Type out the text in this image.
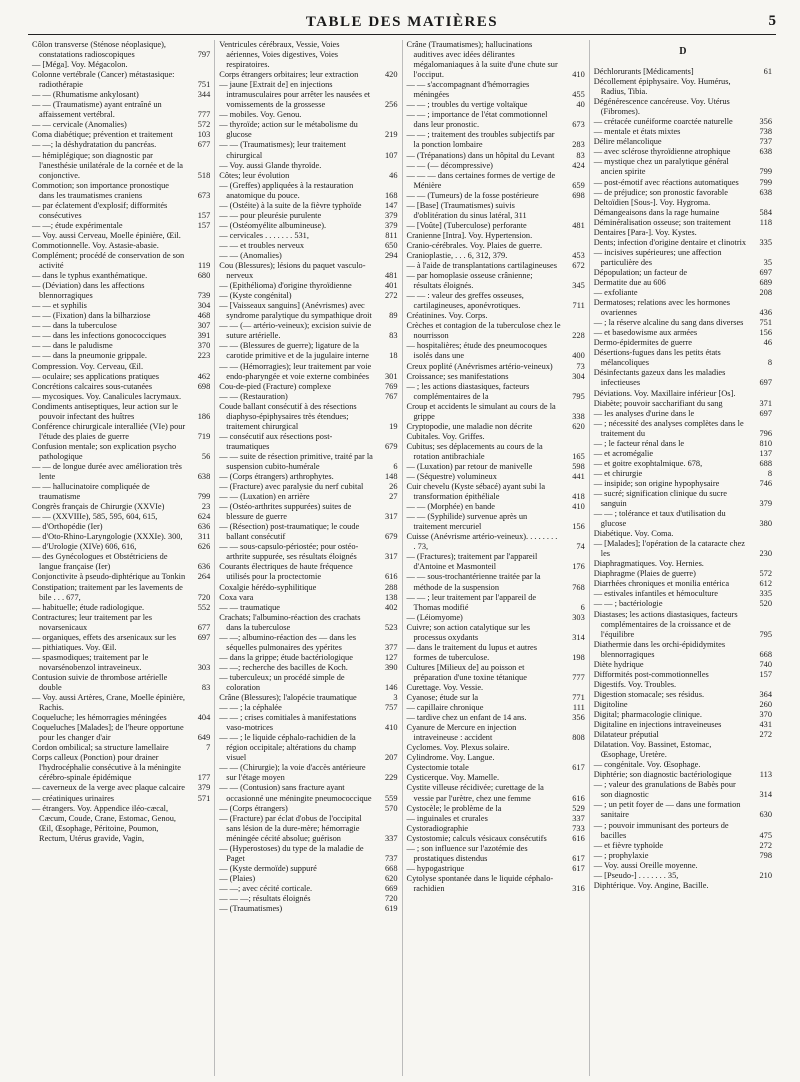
TABLE DES MATIÈRES	5
Côlon transverse (Sténose néoplasique), constatations radioscopiques	797
— [Méga]. Voy. Mégacolon.
Colonne vertébrale (Cancer) métastasique: radiothérapie	751
— — (Rhumatisme ankylosant)	344
— — (Traumatisme) ayant entraîné un affaissement vertébral.	777
— — cervicale (Anomalies)	572
Coma diabétique; prévention et traitement	103
— —; la déshydratation du pancréas.	677
— hémiplégique; son diagnostic par l'anesthésie unilatérale de la cornée et de la conjonctive.	518
Commotion; son importance pronostique dans les traumatismes craniens	673
— par éclatement d'explosif; difformités consécutives	157
— —; étude expérimentale	157
— Voy. aussi Cerveau, Moelle épinière, Œil.
Commotionnelle. Voy. Astasie-abasie.
Complément; procédé de conservation de son activité	119
— dans le typhus exanthématique.	680
— (Déviation) dans les affections blennorragiques	739
— — et syphilis	304
— — (Fixation) dans la bilharziose	468
— — dans la tuberculose	307
— — dans les infections gonococciques	391
— — dans le paludisme	370
— — dans la pneumonie grippale.	223
Compression. Voy. Cerveau, Œil.
— oculaire; ses applications pratiques	462
Concrétions calcaires sous-cutanées	698
— mycosiques. Voy. Canalicules lacrymaux.
Condiments antiseptiques, leur action sur le pouvoir infectant des huîtres	186
Conférence chirurgicale interalliée (VIe) pour l'étude des plaies de guerre	719
Confusion mentale; son explication psycho pathologique	56
— — de longue durée avec amélioration très lente	638
— — hallucinatoire compliquée de traumatisme	799
Congrès français de Chirurgie (XXVIe)	23
— — (XXVIIIe), 585, 595, 604, 615,	624
— d'Orthopédie (Ier)	636
— d'Oto-Rhino-Laryngologie (XXXIe). 300, 311
— d'Urologie (XIVe) 606, 616,	626
— des Gynécologues et Obstétriciens de langue française (Ier)	636
Conjonctivite à pseudo-diphtérique au Tonkin 264
Constipation; traitement par les lavements de bile . . . 677,	720
— habituelle; étude radiologique.	552
Contractures; leur traitement par les novarsenicaux	677
— organiques, effets des arsenicaux sur les	697
— pithiatiques. Voy. Œil.
— spasmodiques; traitement par le novarsénobenzol intraveineux.	303
Contusion suivie de thrombose artérielle double	83
— Voy. aussi Artères, Crane, Moelle épinière, Rachis.
Coqueluche; les hémorragies méningées	404
Coqueluches [Malades]; de l'heure opportune pour les changer d'air	649
Cordon ombilical; sa structure lamellaire	7
Corps calleux (Ponction) pour drainer l'hydrocéphalie consécutive à la méningite cérébro-spinale épidémique	177
— caverneux de la verge avec plaque calcaire 379
— créatiniques urinaires	571
— étrangers. Voy. Appendice iléo-cæcal, Cæcum, Coude, Crane, Estomac, Genou, Œil, Œsophage, Péritoine, Poumon, Rectum, Utérus gravide, Vagin,
Ventricules cérébraux, Vessie, Voies aériennes, Voies digestives, Voies respiratoires.
Corps étrangers orbitaires; leur extraction	420
— jaune [Extrait de] en injections intramusculaires pour arrêter les nausées et vomissements de la grossesse	256
— mobiles. Voy. Genou.
— thyroïde; action sur le métabolisme du glucose	219
— — (Traumatismes); leur traitement chirurgical	107
— Voy. aussi Glande thyroïde.
Côtes; leur évolution	46
— (Greffes) appliquées à la restauration anatomique du pouce.	168
— (Ostéite) à la suite de la fièvre typhoïde	147
— — pour pleurésie purulente	379
— (Ostéomyélite albumineuse).	379
— cervicales . . . . . . . 531,	811
— — et troubles nerveux	650
— — (Anomalies)	294
Cou (Blessures); lésions du paquet vasculo-nerveux	481
— (Epithélioma) d'origine thyroïdienne	401
— (Kyste congénital)	272
— [Vaisseaux sanguins] (Anévrismes) avec syndrome paralytique du sympathique droit 89
— — (— artério-veineux); excision suivie de suture artérielle.	83
— — (Blessures de guerre); ligature de la carotide primitive et de la jugulaire interne 18
— — (Hémorragies); leur traitement par voie endo-pharyngée et voie externe combinées 301
Cou-de-pied (Fracture) complexe	769
— — (Restauration)	767
Coude ballant consécutif à des résections diaphyso-épiphysaires très étendues; traitement chirurgical	19
— consécutif aux résections post-traumatiques	679
— — suite de résection primitive, traité par la suspension cubito-humérale	6
— (Corps étrangers) arthrophytes.	148
— (Fracture) avec paralysie du nerf cubital	26
— — (Luxation) en arrière	27
— (Ostéo-arthrites suppurées) suites de blessure de guerre	317
— (Résection) post-traumatique; le coude ballant consécutif	679
— — sous-capsulo-périostée; pour ostéo-arthrite suppurée, ses résultats éloignés	317
Courants électriques de haute fréquence utilisés pour la proctectomie	616
Coxalgie hérédo-syphilitique	288
Coxa vara	138
— — traumatique	402
Crachats; l'albumino-réaction des crachats dans la tuberculose	523
— —; albumino-réaction des — dans les séquelles pulmonaires des ypérites	377
— dans la grippe; étude bactériologique	127
— —; recherche des bacilles de Koch.	390
— tuberculeux; un procédé simple de coloration	146
Crâne (Blessures); l'alopécie traumatique	3
— — ; la céphalée	757
— — ; crises comitiales à manifestations vaso-motrices	410
— — ; le liquide céphalo-rachidien de la région occipitale; altérations du champ visuel	207
— — (Chirurgie); la voie d'accès antérieure sur l'étage moyen	229
— — (Contusion) sans fracture ayant occasionné une méningite pneumococcique 559
— (Corps étrangers)	570
— (Fracture) par éclat d'obus de l'occipital sans lésion de la dure-mère; hémorragie méningée cécité absolue; guérison	337
— (Hyperostoses) du type de la maladie de Paget	737
— (Kyste dermoïde) suppuré	668
— (Plaies)	620
— —; avec cécité corticale.	669
— — —; résultats éloignés	720
— (Traumatismes)	619
Crâne (Traumatismes); hallucinations auditives avec idées délirantes mégalomaniaques à la suite d'une chute sur l'occiput.	410
— — s'accompagnant d'hémorragies méningées	455
— — ; troubles du vertige voltaïque	40
— — ; importance de l'état commotionnel dans leur pronostic.	673
— — ; traitement des troubles subjectifs par la ponction lombaire	283
— (Trépanations) dans un hôpital du Levant	83
— — (— décompressive)	424
— — — dans certaines formes de vertige de Ménière	659
— — (Tumeurs) de la fosse postérieure	698
— [Base] (Traumatismes) suivis d'oblitération du sinus latéral, 311
— [Voûte] (Tuberculose) perforante	481
Cranienne [Intra]. Voy. Hypertension.
Cranio-cérébrales. Voy. Plaies de guerre.
Cranioplastie, . . . 6, 312, 379.	453
— à l'aide de transplantations cartilagineuses 672
— par homoplasie osseuse crânienne; résultats éloignés.	345
— — : valeur des greffes osseuses, cartilagineuses, aponévrotiques.	711
Créatinines. Voy. Corps.
Crèches et contagion de la tuberculose chez le nourrisson	228
— hospitalières; étude des pneumocoques isolés dans une	400
Creux poplité (Anévrismes artério-veineux)	73
Croissance; ses manifestations	304
— ; les actions diastasiques, facteurs complémentaires de la	795
Croup et accidents le simulant au cours de la grippe	338
Cryptopodie, une maladie non décrite	620
Cubitales. Voy. Griffes.
Cubitus; ses déplacements au cours de la rotation antibrachiale	165
— (Luxation) par retour de manivelle	598
— (Séquestre) volumineux	441
Cuir chevelu (Kyste sébacé) ayant subi la transformation épithéliale	418
— — (Morphée) en bande	410
— — (Syphilide) survenue après un traitement mercuriel	156
Cuisse (Anévrisme artério-veineux). . . . . . . . . 73,	74
— (Fractures); traitement par l'appareil d'Antoine et Masmonteil	176
— — sous-trochantérienne traitée par la méthode de la suspension	768
— — ; leur traitement par l'appareil de Thomas modifié	6
— (Léiomyome)	303
Cuivre; son action catalytique sur les processus oxydants	314
— dans le traitement du lupus et autres formes de tuberculose.	198
Cultures [Milieux de] au poisson et préparation d'une toxine tétanique	777
Curettage. Voy. Vessie.
Cyanose; étude sur la	771
— capillaire chronique	111
— tardive chez un enfant de 14 ans.	356
Cyanure de Mercure en injection intraveineuse : accident	808
Cyclomes. Voy. Plexus solaire.
Cylindrome. Voy. Langue.
Cystectomie totale	617
Cysticerque. Voy. Mamelle.
Cystite villeuse récidivée; curettage de la vessie par l'urètre, chez une femme	616
Cystocèle; le problème de la	529
— inguinales et crurales	337
Cystoradiographie	733
Cystostomie; calculs vésicaux consécutifs	616
— ; son influence sur l'azotémie des prostatiques distendus	617
— hypogastrique	617
Cytolyse spontanée dans le liquide céphalo-rachidien	316
D
Déchlorurants [Médicaments]	61
Décollement épiphysaire. Voy. Humérus, Radius, Tibia.
Dégénérescence cancéreuse. Voy. Utérus (Fibromes).
— crétacée cunéiforme coarctée naturelle	356
— mentale et états mixtes	738
Délire mélancolique	737
— avec sclérose thyroïdienne atrophique	638
— mystique chez un paralytique général ancien spirite	799
— post-émotif avec réactions automatiques 799
— de préjudice; son pronostic favorable	638
Deltoïdien [Sous-]. Voy. Hygroma.
Démangeaisons dans la rage humaine	584
Déminéralisation osseuse; son traitement	118
Dentaires [Para-]. Voy. Kystes.
Dents; infection d'origine dentaire et clinotrix 335
— incisives supérieures; une affection particulière des	35
Dépopulation; un facteur de	697
Dermatite due au 606	689
— exfoliante	208
Dermatoses; relations avec les hormones ovariennes	436
— ; la réserve alcaline du sang dans diverses 751
— et basedowisme aux armées	156
Dermo-épidermites de guerre	46
Désertions-fugues dans les petits états mélancoliques	8
Désinfectants gazeux dans les maladies infectieuses	697
Déviations. Voy. Maxillaire inférieur [Os].
Diabète; pouvoir saccharifiant du sang	371
— les analyses d'urine dans le	697
— ; nécessité des analyses complètes dans le traitement du	796
— ; le facteur rénal dans le	810
— et acromégalie	137
— et goitre exophtalmique. 678,	688
— et chirurgie	8
— insipide; son origine hypophysaire	746
— sucré; signification clinique du sucre sanguin	379
— — ; tolérance et taux d'utilisation du glucose	380
Diabétique. Voy. Coma.
— [Malades]; l'opération de la cataracte chez les	230
Diaphragmatiques. Voy. Hernies.
Diaphragme (Plaies de guerre)	572
Diarrhées chroniques et monilia entérica	612
— estivales infantiles et hémoculture	335
— — ; bactériologie	520
Diastases; les actions diastasiques, facteurs complémentaires de la croissance et de l'équilibre	795
Diathermie dans les orchi-épididymites blennorragiques	668
Diète hydrique	740
Difformités post-commotionnelles	157
Digestifs. Voy. Troubles.
Digestion stomacale; ses résidus.	364
Digitoline	260
Digital; pharmacologie clinique.	370
Digitaline en injections intraveineuses	431
Dilatateur préputial	272
Dilatation. Voy. Bassinet, Estomac, Œsophage, Uretère.
— congénitale. Voy. Œsophage.
Diphtérie; son diagnostic bactériologique	113
— ; valeur des granulations de Babès pour son diagnostic	314
— ; un petit foyer de — dans une formation sanitaire	630
— ; pouvoir immunisant des porteurs de bacilles	475
— et fièvre typhoïde	272
— ; prophylaxie	798
— Voy. aussi Oreille moyenne.
— [Pseudo-] . . . . . . . 35,	210
Diphtérique. Voy. Angine, Bacille.
